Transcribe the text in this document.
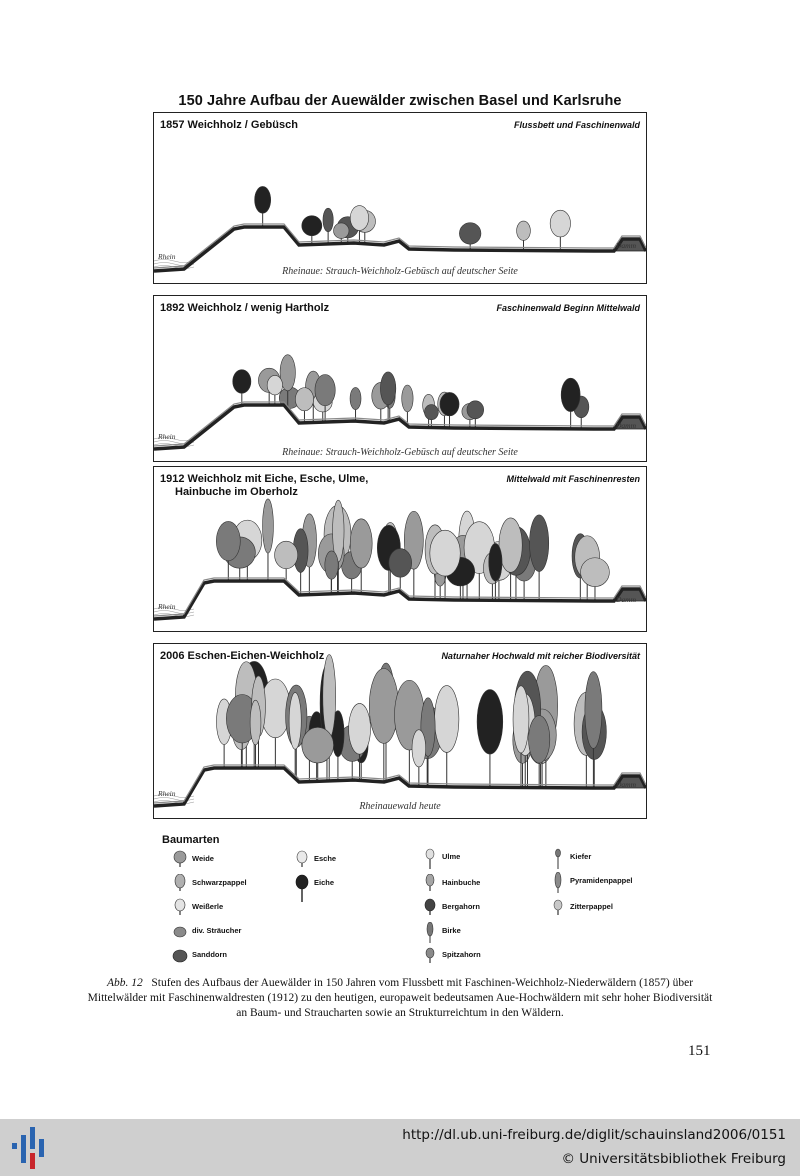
150 Jahre Aufbau der Auewälder zwischen Basel und Karlsruhe
1857 Weichholz / Gebüsch	Flussbett und Faschinenwald
Rhein
Damm
Rheinaue: Strauch-Weichholz-Gebüsch auf deutscher Seite
1892 Weichholz / wenig Hartholz	Faschinenwald Beginn Mittelwald
Rhein
Damm
Rheinaue: Strauch-Weichholz-Gebüsch auf deutscher Seite
1912 Weichholz mit Eiche, Esche, Ulme,
Hainbuche im Oberholz
Mittelwald mit Faschinenresten
Rhein
Damm
2006 Eschen-Eichen-Weichholz	Naturnaher Hochwald mit reicher Biodiversität
Rhein
Damm
Rheinauewald heute
Baumarten
Weide
Schwarzpappel
Weißerle
div. Sträucher
Sanddorn
Esche
Eiche
Ulme
Hainbuche
Bergahorn
Birke
Spitzahorn
Kiefer
Pyramidenpappel
Zitterpappel
Abb. 12 Stufen des Aufbaus der Auewälder in 150 Jahren vom Flussbett mit Faschinen-Weichholz-Niederwäldern (1857) über Mittelwälder mit Faschinenwaldresten (1912) zu den heutigen, europaweit bedeutsamen Aue-Hochwäldern mit sehr hoher Biodiversität an Baum- und Straucharten sowie an Strukturreichtum in den Wäldern.
151
http://dl.ub.uni-freiburg.de/diglit/schauinsland2006/0151
© Universitätsbibliothek Freiburg
